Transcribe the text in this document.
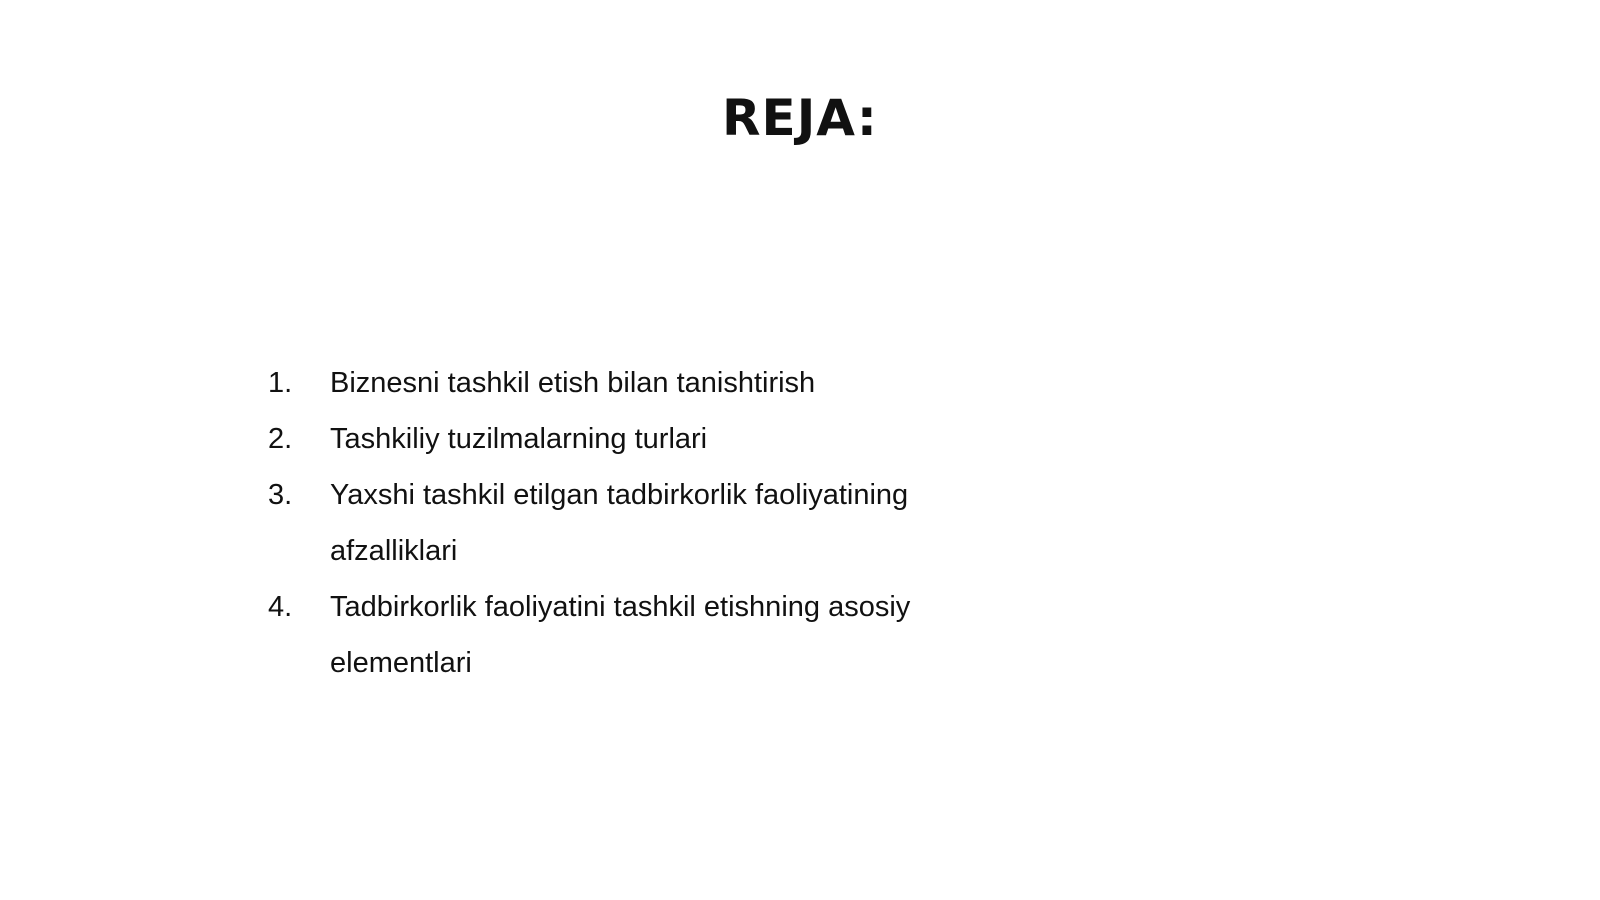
REJA:
1.	Biznesni tashkil etish bilan tanishtirish
2.	Tashkiliy tuzilmalarning turlari
3.	Yaxshi tashkil etilgan tadbirkorlik faoliyatining afzalliklari
4.	Tadbirkorlik faoliyatini tashkil etishning asosiy elementlari
